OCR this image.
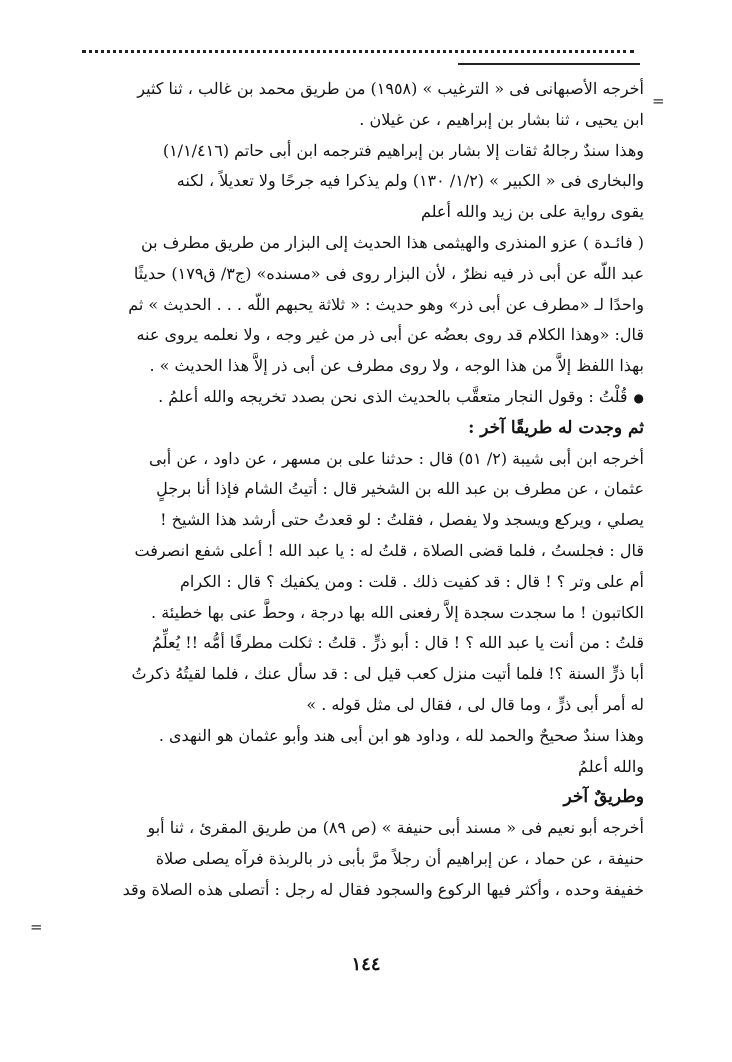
=
=
أخرجه الأصبهانى فى « الترغيب » (١٩٥٨) من طريق محمد بن غالب ، ثنا كثير
ابن يحيى ، ثنا بشار بن إبراهيم ، عن غيلان .
وهذا سندٌ رجالهُ ثقات إلا بشار بن إبراهيم فترجمه ابن أبى حاتم (١/١/٤١٦)
والبخارى فى « الكبير » (١/٢/ ١٣٠) ولم يذكرا فيه جرحًا ولا تعديلاً ، لكنه
يقوى رواية على بن زيد والله أعلم
( فائـدة ) عزو المنذرى والهيثمى هذا الحديث إلى البزار من طريق مطرف بن
عبد اللّه عن أبى ذر فيه نظرٌ ، لأن البزار روى فى «مسنده» (ج٣/ ق١٧٩) حديثًا
واحدًا لـ «مطرف عن أبى ذر» وهو حديث : « ثلاثة يحبهم اللّه . . . الحديث » ثم
قال: «وهذا الكلام قد روى بعضُه عن أبى ذر من غير وجه ، ولا نعلمه يروى عنه
بهذا اللفظ إلاَّ من هذا الوجه ، ولا روى مطرف عن أبى ذر إلاَّ هذا الحديث » .
● قُلْتُ : وقول النجار متعقَّب بالحديث الذى نحن بصدد تخريجه والله أعلمُ .
ثم وجدت له طريقًا آخر :
أخرجه ابن أبى شيبة (٢/ ٥١) قال : حدثنا على بن مسهر ، عن داود ، عن أبى
عثمان ، عن مطرف بن عبد الله بن الشخير قال : أتيتُ الشام فإذا أنا برجلٍ
يصلي ، ويركع ويسجد ولا يفصل ، فقلتُ : لو قعدتُ حتى أرشد هذا الشيخ !
قال : فجلستُ ، فلما قضى الصلاة ، قلتُ له : يا عبد الله ! أعلى شفع انصرفت
أم على وتر ؟ ! قال : قد كفيت ذلك . قلت : ومن يكفيك ؟ قال : الكرام
الكاتبون ! ما سجدت سجدة إلاَّ رفعنى الله بها درجة ، وحطَّ عنى بها خطيئة .
قلتُ : من أنت يا عبد الله ؟ ! قال : أبو ذرٍّ . قلتُ : ثكلت مطرفًا أمُّه !! يُعلِّمُ
أبا ذرٍّ السنة ؟! فلما أتيت منزل كعب قيل لى : قد سأل عنك ، فلما لقيتُهُ ذكرتُ
له أمر أبى ذرٍّ ، وما قال لى ، فقال لى مثل قوله . »
وهذا سندٌ صحيحٌ والحمد لله ، وداود هو ابن أبى هند وأبو عثمان هو النهدى .
والله أعلمُ
وطريقٌ آخر
أخرجه أبو نعيم فى « مسند أبى حنيفة » (ص ٨٩) من طريق المقرئ ، ثنا أبو
حنيفة ، عن حماد ، عن إبراهيم أن رجلاً مرَّ بأبى ذر بالربذة فرآه يصلى صلاة
خفيفة وحده ، وأكثر فيها الركوع والسجود فقال له رجل : أتصلى هذه الصلاة وقد
١٤٤
